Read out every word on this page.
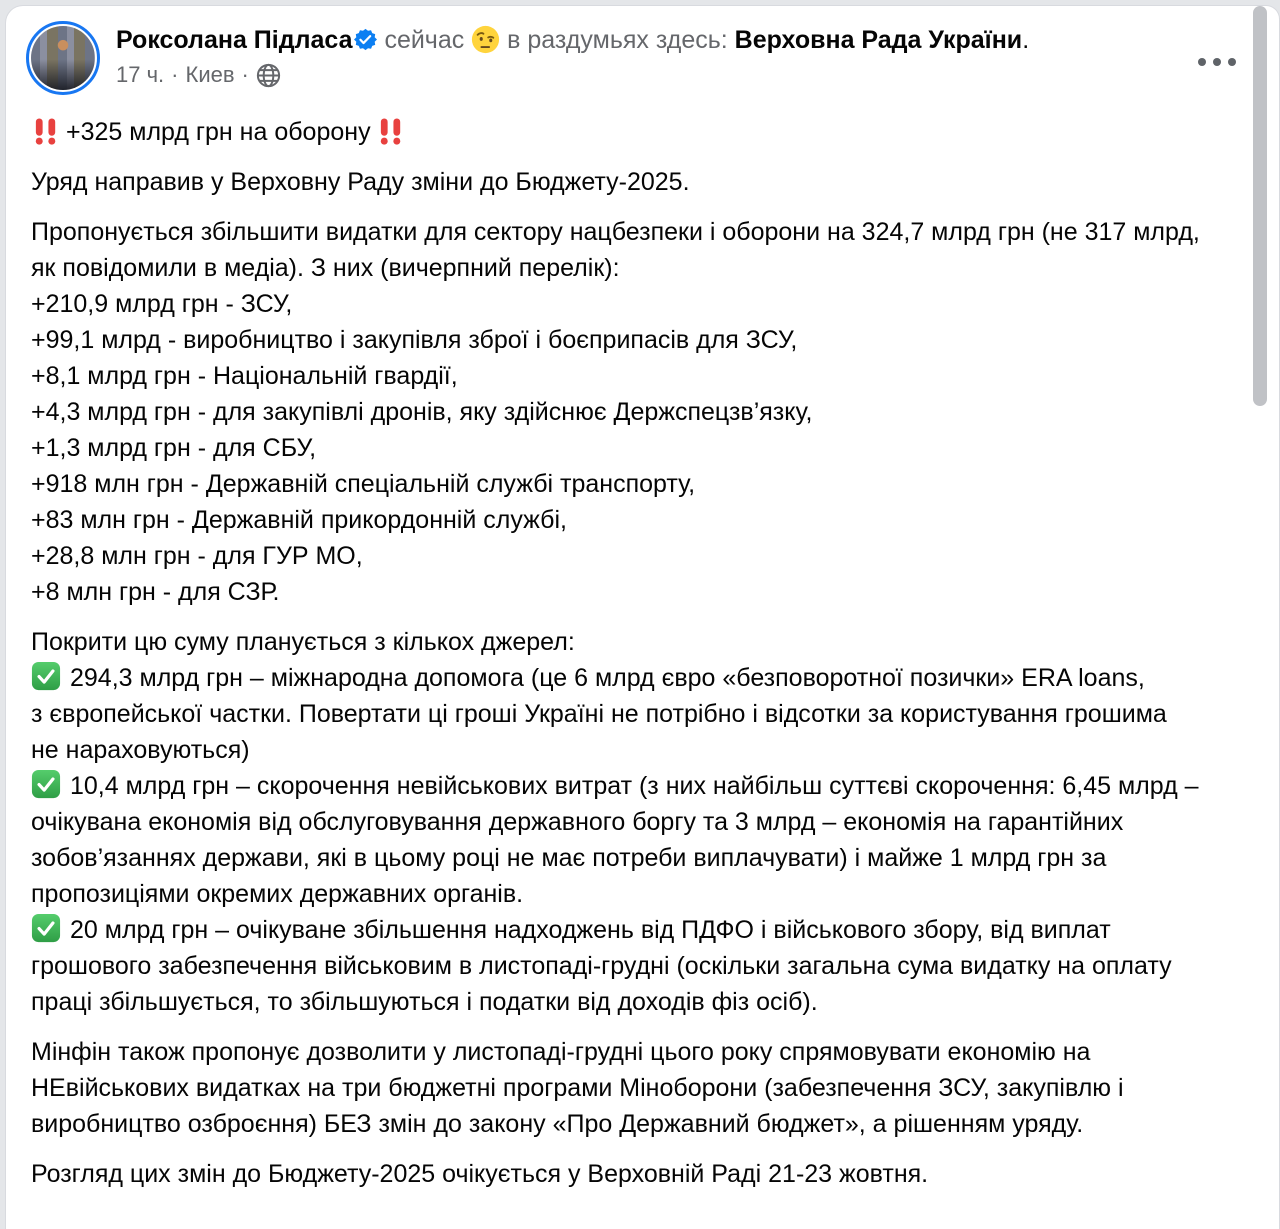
Роксолана Підласа сейчас в раздумьях здесь: Верховна Рада України.
17 ч. · Киев ·
+325 млрд грн на оборону
Уряд направив у Верховну Раду зміни до Бюджету-2025.
Пропонується збільшити видатки для сектору нацбезпеки і оборони на 324,7 млрд грн (не 317 млрд, як повідомили в медіа). З них (вичерпний перелік):
+210,9 млрд грн - ЗСУ,
+99,1 млрд - виробництво і закупівля зброї і боєприпасів для ЗСУ,
+8,1 млрд грн - Національній гвардії,
+4,3 млрд грн - для закупівлі дронів, яку здійснює Держспецзв’язку,
+1,3 млрд грн - для СБУ,
+918 млн грн - Державній спеціальній службі транспорту,
+83 млн грн - Державній прикордонній службі,
+28,8 млн грн - для ГУР МО,
+8 млн грн - для СЗР.
Покрити цю суму планується з кількох джерел:
294,3 млрд грн – міжнародна допомога (це 6 млрд євро «безповоротної позички» ERA loans,
з європейської частки. Повертати ці гроші Україні не потрібно і відсотки за користування грошима не нараховуються)
10,4 млрд грн – скорочення невійськових витрат (з них найбільш суттєві скорочення: 6,45 млрд – очікувана економія від обслуговування державного боргу та 3 млрд – економія на гарантійних зобов’язаннях держави, які в цьому році не має потреби виплачувати) і майже 1 млрд грн за пропозиціями окремих державних органів.
20 млрд грн – очікуване збільшення надходжень від ПДФО і військового збору, від виплат грошового забезпечення військовим в листопаді-грудні (оскільки загальна сума видатку на оплату праці збільшується, то збільшуються і податки від доходів фіз осіб).
Мінфін також пропонує дозволити у листопаді-грудні цього року спрямовувати економію на НЕвійськових видатках на три бюджетні програми Міноборони (забезпечення ЗСУ, закупівлю і виробництво озброєння) БЕЗ змін до закону «Про Державний бюджет», а рішенням уряду.
Розгляд цих змін до Бюджету-2025 очікується у Верховній Раді 21-23 жовтня.
